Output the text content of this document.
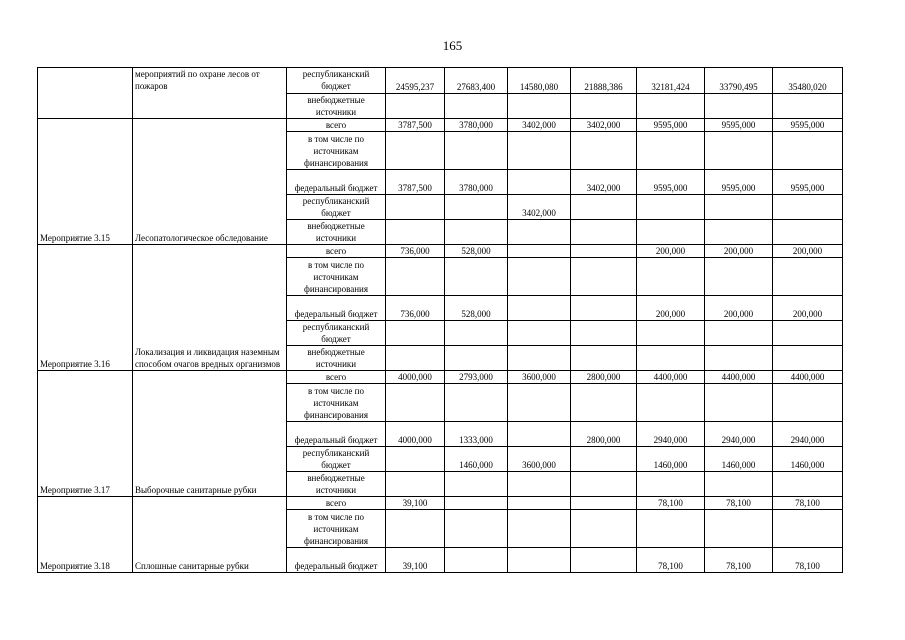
165
	мероприятий по охране лесов от пожаров	республиканский бюджет	24595,237	27683,400	14580,080	21888,386	32181,424	33790,495	35480,020
		внебюджетные источники							
Мероприятие 3.15	Лесопатологическое обследование	всего	3787,500	3780,000	3402,000	3402,000	9595,000	9595,000	9595,000
		в том числе по источникам финансирования							
		федеральный бюджет	3787,500	3780,000		3402,000	9595,000	9595,000	9595,000
		республиканский бюджет			3402,000				
		внебюджетные источники							
Мероприятие 3.16	Локализация и ликвидация наземным способом очагов вредных организмов	всего	736,000	528,000			200,000	200,000	200,000
		в том числе по источникам финансирования							
		федеральный бюджет	736,000	528,000			200,000	200,000	200,000
		республиканский бюджет							
		внебюджетные источники							
Мероприятие 3.17	Выборочные санитарные рубки	всего	4000,000	2793,000	3600,000	2800,000	4400,000	4400,000	4400,000
		в том числе по источникам финансирования							
		федеральный бюджет	4000,000	1333,000		2800,000	2940,000	2940,000	2940,000
		республиканский бюджет		1460,000	3600,000		1460,000	1460,000	1460,000
		внебюджетные источники							
Мероприятие 3.18	Сплошные санитарные рубки	всего	39,100				78,100	78,100	78,100
		в том числе по источникам финансирования							
		федеральный бюджет	39,100				78,100	78,100	78,100
